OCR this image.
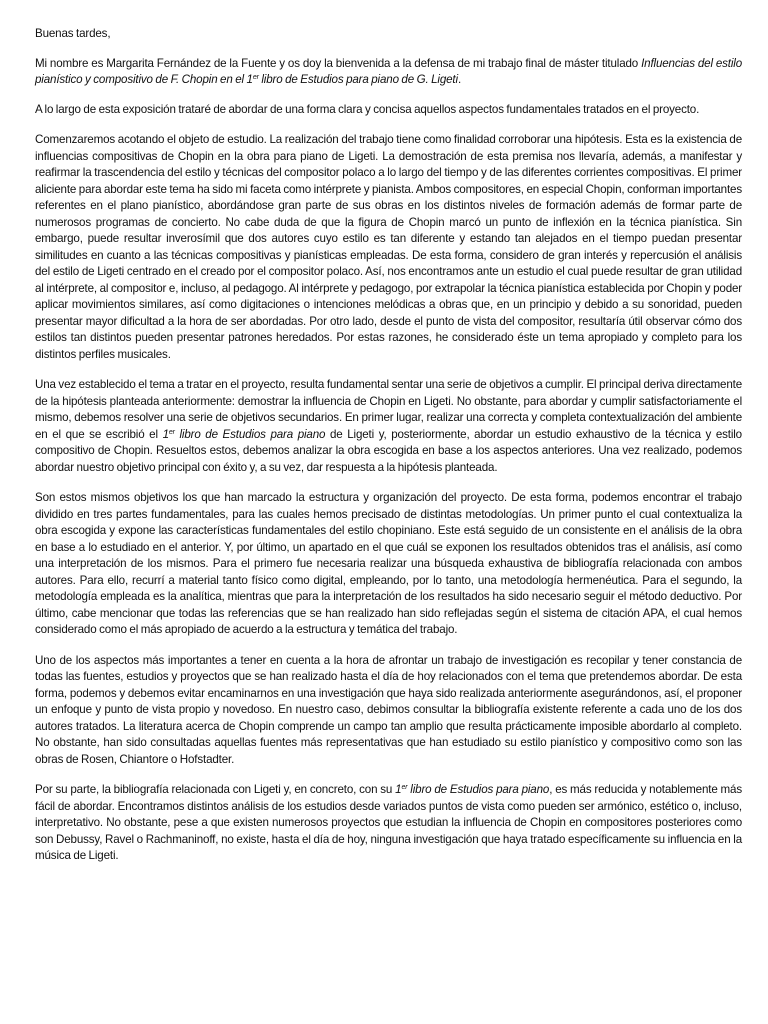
Buenas tardes,

Mi nombre es Margarita Fernández de la Fuente y os doy la bienvenida a la defensa de mi trabajo final de máster titulado Influencias del estilo pianístico y compositivo de F. Chopin en el 1er libro de Estudios para piano de G. Ligeti.

A lo largo de esta exposición trataré de abordar de una forma clara y concisa aquellos aspectos fundamentales tratados en el proyecto.

Comenzaremos acotando el objeto de estudio. La realización del trabajo tiene como finalidad corroborar una hipótesis. Esta es la existencia de influencias compositivas de Chopin en la obra para piano de Ligeti. La demostración de esta premisa nos llevaría, además, a manifestar y reafirmar la trascendencia del estilo y técnicas del compositor polaco a lo largo del tiempo y de las diferentes corrientes compositivas. El primer aliciente para abordar este tema ha sido mi faceta como intérprete y pianista. Ambos compositores, en especial Chopin, conforman importantes referentes en el plano pianístico, abordándose gran parte de sus obras en los distintos niveles de formación además de formar parte de numerosos programas de concierto. No cabe duda de que la figura de Chopin marcó un punto de inflexión en la técnica pianística. Sin embargo, puede resultar inverosímil que dos autores cuyo estilo es tan diferente y estando tan alejados en el tiempo puedan presentar similitudes en cuanto a las técnicas compositivas y pianísticas empleadas. De esta forma, considero de gran interés y repercusión el análisis del estilo de Ligeti centrado en el creado por el compositor polaco. Así, nos encontramos ante un estudio el cual puede resultar de gran utilidad al intérprete, al compositor e, incluso, al pedagogo. Al intérprete y pedagogo, por extrapolar la técnica pianística establecida por Chopin y poder aplicar movimientos similares, así como digitaciones o intenciones melódicas a obras que, en un principio y debido a su sonoridad, pueden presentar mayor dificultad a la hora de ser abordadas. Por otro lado, desde el punto de vista del compositor, resultaría útil observar cómo dos estilos tan distintos pueden presentar patrones heredados. Por estas razones, he considerado éste un tema apropiado y completo para los distintos perfiles musicales.

Una vez establecido el tema a tratar en el proyecto, resulta fundamental sentar una serie de objetivos a cumplir. El principal deriva directamente de la hipótesis planteada anteriormente: demostrar la influencia de Chopin en Ligeti. No obstante, para abordar y cumplir satisfactoriamente el mismo, debemos resolver una serie de objetivos secundarios. En primer lugar, realizar una correcta y completa contextualización del ambiente en el que se escribió el 1er libro de Estudios para piano de Ligeti y, posteriormente, abordar un estudio exhaustivo de la técnica y estilo compositivo de Chopin. Resueltos estos, debemos analizar la obra escogida en base a los aspectos anteriores. Una vez realizado, podemos abordar nuestro objetivo principal con éxito y, a su vez, dar respuesta a la hipótesis planteada.

Son estos mismos objetivos los que han marcado la estructura y organización del proyecto. De esta forma, podemos encontrar el trabajo dividido en tres partes fundamentales, para las cuales hemos precisado de distintas metodologías. Un primer punto el cual contextualiza la obra escogida y expone las características fundamentales del estilo chopiniano. Este está seguido de un consistente en el análisis de la obra en base a lo estudiado en el anterior. Y, por último, un apartado en el que cuál se exponen los resultados obtenidos tras el análisis, así como una interpretación de los mismos. Para el primero fue necesaria realizar una búsqueda exhaustiva de bibliografía relacionada con ambos autores. Para ello, recurrí a material tanto físico como digital, empleando, por lo tanto, una metodología hermenéutica. Para el segundo, la metodología empleada es la analítica, mientras que para la interpretación de los resultados ha sido necesario seguir el método deductivo. Por último, cabe mencionar que todas las referencias que se han realizado han sido reflejadas según el sistema de citación APA, el cual hemos considerado como el más apropiado de acuerdo a la estructura y temática del trabajo.

Uno de los aspectos más importantes a tener en cuenta a la hora de afrontar un trabajo de investigación es recopilar y tener constancia de todas las fuentes, estudios y proyectos que se han realizado hasta el día de hoy relacionados con el tema que pretendemos abordar. De esta forma, podemos y debemos evitar encaminarnos en una investigación que haya sido realizada anteriormente asegurándonos, así, el proponer un enfoque y punto de vista propio y novedoso. En nuestro caso, debimos consultar la bibliografía existente referente a cada uno de los dos autores tratados. La literatura acerca de Chopin comprende un campo tan amplio que resulta prácticamente imposible abordarlo al completo. No obstante, han sido consultadas aquellas fuentes más representativas que han estudiado su estilo pianístico y compositivo como son las obras de Rosen, Chiantore o Hofstadter.

Por su parte, la bibliografía relacionada con Ligeti y, en concreto, con su 1er libro de Estudios para piano, es más reducida y notablemente más fácil de abordar. Encontramos distintos análisis de los estudios desde variados puntos de vista como pueden ser armónico, estético o, incluso, interpretativo. No obstante, pese a que existen numerosos proyectos que estudian la influencia de Chopin en compositores posteriores como son Debussy, Ravel o Rachmaninoff, no existe, hasta el día de hoy, ninguna investigación que haya tratado específicamente su influencia en la música de Ligeti.
